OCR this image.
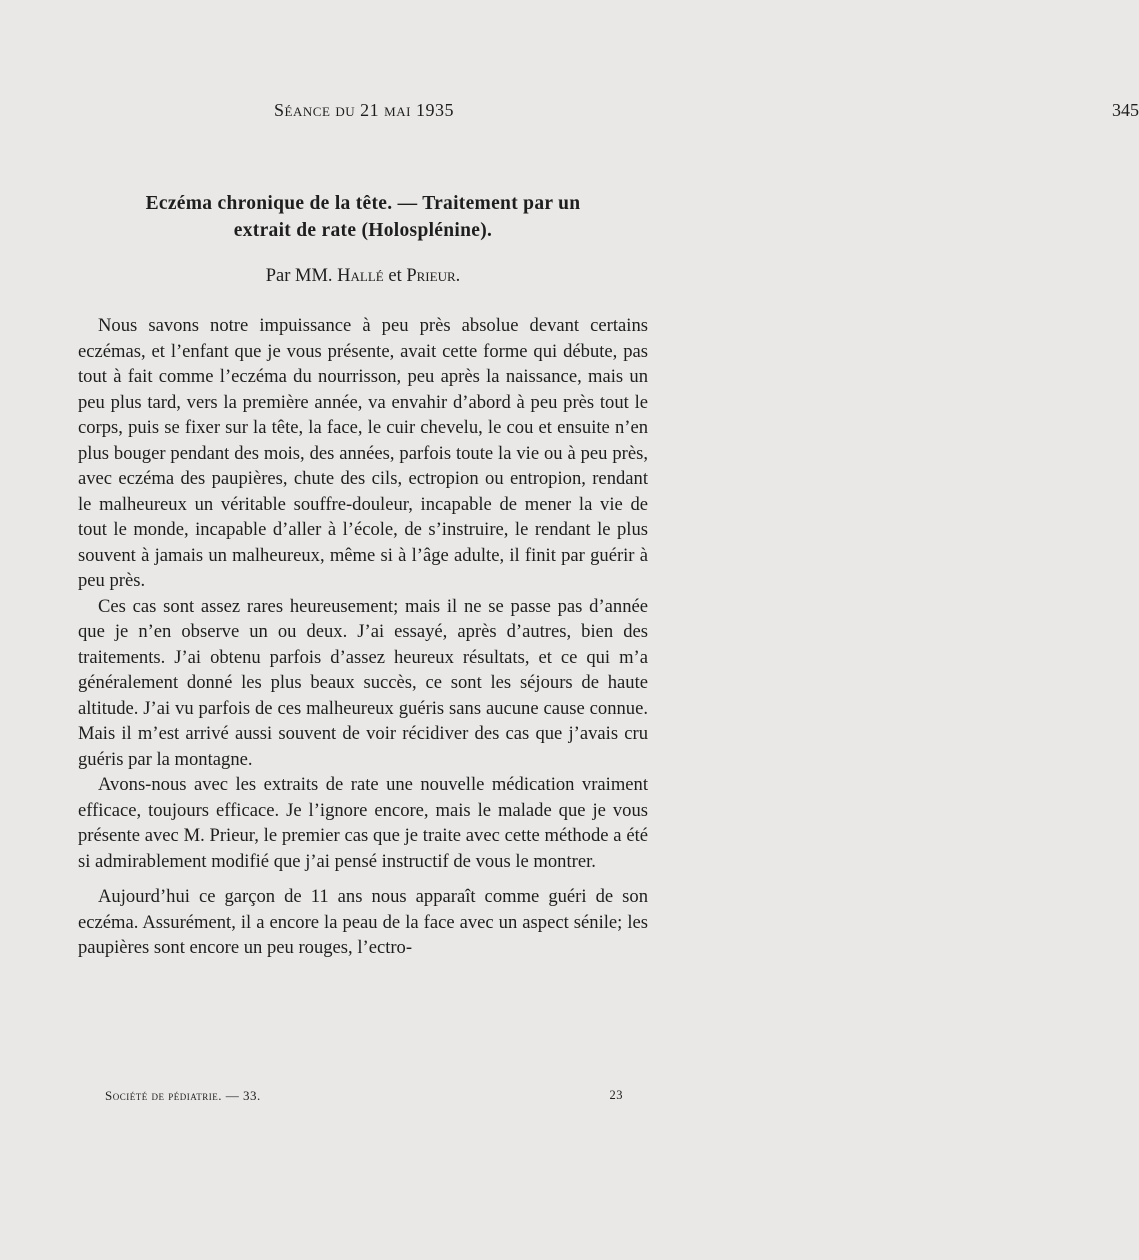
Séance du 21 mai 1935	345
Eczéma chronique de la tête. — Traitement par un
extrait de rate (Holosplénine).
Par MM. Hallé et Prieur.

Nous savons notre impuissance à peu près absolue devant certains eczémas, et l’enfant que je vous présente, avait cette forme qui débute, pas tout à fait comme l’eczéma du nourrisson, peu après la naissance, mais un peu plus tard, vers la première année, va envahir d’abord à peu près tout le corps, puis se fixer sur la tête, la face, le cuir chevelu, le cou et ensuite n’en plus bouger pendant des mois, des années, parfois toute la vie ou à peu près, avec eczéma des paupières, chute des cils, ectropion ou entropion, rendant le malheureux un véritable souffre-douleur, incapable de mener la vie de tout le monde, incapable d’aller à l’école, de s’instruire, le rendant le plus souvent à jamais un malheureux, même si à l’âge adulte, il finit par guérir à peu près.

Ces cas sont assez rares heureusement; mais il ne se passe pas d’année que je n’en observe un ou deux. J’ai essayé, après d’autres, bien des traitements. J’ai obtenu parfois d’assez heureux résultats, et ce qui m’a généralement donné les plus beaux succès, ce sont les séjours de haute altitude. J’ai vu parfois de ces malheureux guéris sans aucune cause connue. Mais il m’est arrivé aussi souvent de voir récidiver des cas que j’avais cru guéris par la montagne.

Avons-nous avec les extraits de rate une nouvelle médication vraiment efficace, toujours efficace. Je l’ignore encore, mais le malade que je vous présente avec M. Prieur, le premier cas que je traite avec cette méthode a été si admirablement modifié que j’ai pensé instructif de vous le montrer.

Aujourd’hui ce garçon de 11 ans nous apparaît comme guéri de son eczéma. Assurément, il a encore la peau de la face avec un aspect sénile; les paupières sont encore un peu rouges, l’ectro-

Société de pédiatrie. — 33.	23
